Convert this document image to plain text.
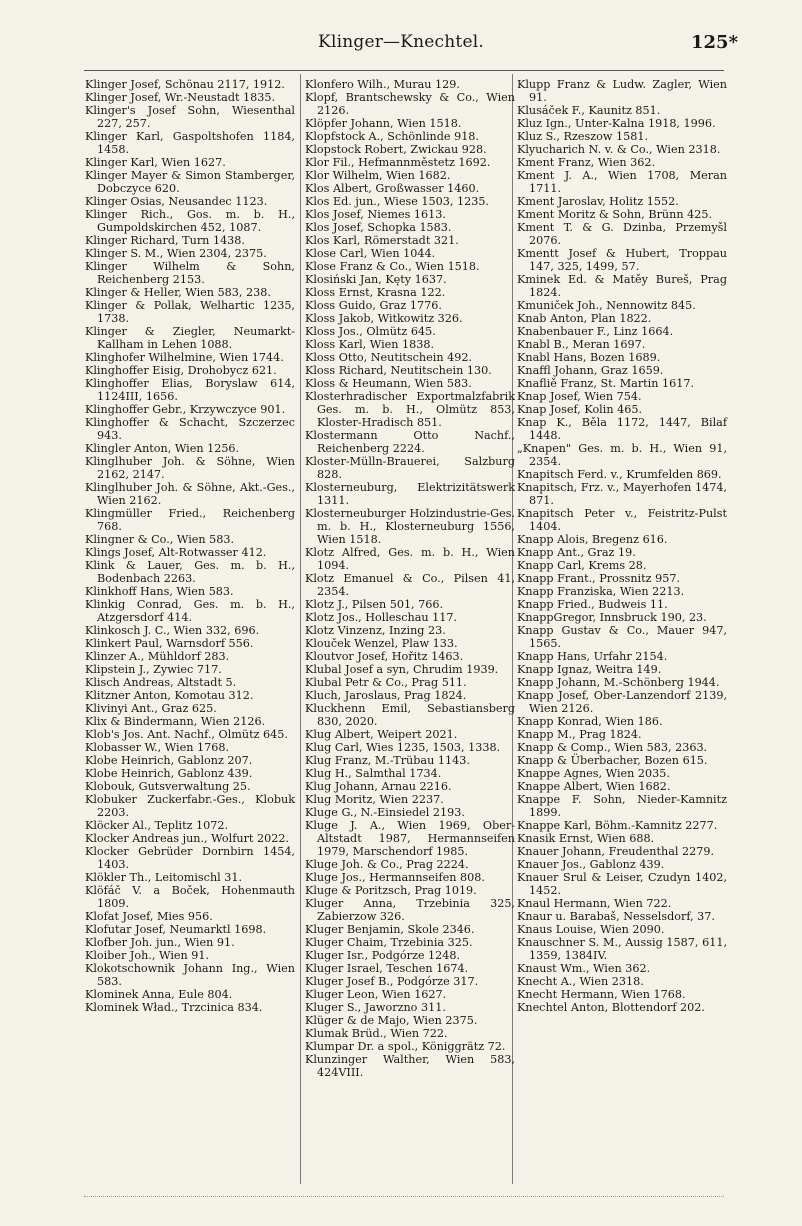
Klinger—Knechtel.	125*
Klinger Josef, Schönau 2117, 1912.
Klinger Josef, Wr.-Neustadt 1835.
Klinger's Josef Sohn, Wiesenthal 227, 257.
Klinger Karl, Gaspoltshofen 1184, 1458.
Klinger Karl, Wien 1627.
Klinger Mayer & Simon Stamberger, Dobczyce 620.
Klinger Osias, Neusandec 1123.
Klinger Rich., Gos. m. b. H., Gumpoldskirchen 452, 1087.
Klinger Richard, Turn 1438.
Klinger S. M., Wien 2304, 2375.
Klinger Wilhelm & Sohn, Reichenberg 2153.
Klinger & Heller, Wien 583, 238.
Klinger & Pollak, Welhartic 1235, 1738.
Klinger & Ziegler, Neumarkt-Kallham in Lehen 1088.
Klinghofer Wilhelmine, Wien 1744.
Klinghoffer Eisig, Drohobycz 621.
Klinghoffer Elias, Boryslaw 614, 1124III, 1656.
Klinghoffer Gebr., Krzywczyce 901.
Klinghoffer & Schacht, Szczerzec 943.
Klingler Anton, Wien 1256.
Klinglhuber Joh. & Söhne, Wien 2162, 2147.
Klinglhuber Joh. & Söhne, Akt.-Ges., Wien 2162.
Klingmüller Fried., Reichenberg 768.
Klingner & Co., Wien 583.
Klings Josef, Alt-Rotwasser 412.
Klink & Lauer, Ges. m. b. H., Bodenbach 2263.
Klinkhoff Hans, Wien 583.
Klinkig Conrad, Ges. m. b. H., Atzgersdorf 414.
Klinkosch J. C., Wien 332, 696.
Klinkert Paul, Warnsdorf 556.
Klinzer A., Mühldorf 283.
Klipstein J., Zywiec 717.
Klisch Andreas, Altstadt 5.
Klitzner Anton, Komotau 312.
Klivinyi Ant., Graz 625.
Klix & Bindermann, Wien 2126.
Klob's Jos. Ant. Nachf., Olmütz 645.
Klobasser W., Wien 1768.
Klobe Heinrich, Gablonz 207.
Klobe Heinrich, Gablonz 439.
Klobouk, Gutsverwaltung 25.
Klobuker Zuckerfabr.-Ges., Klobuk 2203.
Klöcker Al., Teplitz 1072.
Klocker Andreas jun., Wolfurt 2022.
Klocker Gebrüder Dornbirn 1454, 1403.
Klökler Th., Leitomischl 31.
Klöfáč V. a Boček, Hohenmauth 1809.
Klofat Josef, Mies 956.
Klofutar Josef, Neumarktl 1698.
Klofber Joh. jun., Wien 91.
Kloiber Joh., Wien 91.
Klokotschownik Johann Ing., Wien 583.
Klominek Anna, Eule 804.
Klominek Wład., Trzcinica 834.
Klonfero Wilh., Murau 129.
Klopf, Brantschewsky & Co., Wien 2126.
Klöpfer Johann, Wien 1518.
Klopfstock A., Schönlinde 918.
Klopstock Robert, Zwickau 928.
Klor Fil., Hefmannměstetz 1692.
Klor Wilhelm, Wien 1682.
Klos Albert, Großwasser 1460.
Klos Ed. jun., Wiese 1503, 1235.
Klos Josef, Niemes 1613.
Klos Josef, Schopka 1583.
Klos Karl, Römerstadt 321.
Klose Carl, Wien 1044.
Klose Franz & Co., Wien 1518.
Klosiński Jan, Kęty 1637.
Kloss Ernst, Krasna 122.
Kloss Guido, Graz 1776.
Kloss Jakob, Witkowitz 326.
Kloss Jos., Olmütz 645.
Kloss Karl, Wien 1838.
Kloss Otto, Neutitschein 492.
Kloss Richard, Neutitschein 130.
Kloss & Heumann, Wien 583.
Klosterhradischer Exportmalzfabrik Ges. m. b. H., Olmütz 853, Kloster-Hradisch 851.
Klostermann Otto Nachf., Reichenberg 2224.
Kloster-Mülln-Brauerei, Salzburg 828.
Klosterneuburg, Elektrizitätswerk 1311.
Klosterneuburger Holzindustrie-Ges. m. b. H., Klosterneuburg 1556, Wien 1518.
Klotz Alfred, Ges. m. b. H., Wien 1094.
Klotz Emanuel & Co., Pilsen 41, 2354.
Klotz J., Pilsen 501, 766.
Klotz Jos., Holleschau 117.
Klotz Vinzenz, Inzing 23.
Klouček Wenzel, Plaw 133.
Kloutvor Josef, Hořitz 1463.
Klubal Josef a syn, Chrudim 1939.
Klubal Petr & Co., Prag 511.
Kluch, Jaroslaus, Prag 1824.
Kluckhenn Emil, Sebastiansberg 830, 2020.
Klug Albert, Weipert 2021.
Klug Carl, Wies 1235, 1503, 1338.
Klug Franz, M.-Trübau 1143.
Klug H., Salmthal 1734.
Klug Johann, Arnau 2216.
Klug Moritz, Wien 2237.
Kluge G., N.-Einsiedel 2193.
Kluge J. A., Wien 1969, Ober-Altstadt 1987, Hermannseifen 1979, Marschendorf 1985.
Kluge Joh. & Co., Prag 2224.
Kluge Jos., Hermannseifen 808.
Kluge & Poritzsch, Prag 1019.
Kluger Anna, Trzebinia 325, Zabierzow 326.
Kluger Benjamin, Skole 2346.
Kluger Chaim, Trzebinia 325.
Kluger Isr., Podgórze 1248.
Kluger Israel, Teschen 1674.
Kluger Josef B., Podgórze 317.
Kluger Leon, Wien 1627.
Kluger S., Jaworzno 311.
Klüger & de Majo, Wien 2375.
Klumak Brüd., Wien 722.
Klumpar Dr. a spol., Königgrätz 72.
Klunzinger Walther, Wien 583, 424VIII.
Klupp Franz & Ludw. Zagler, Wien 91.
Klusáček F., Kaunitz 851.
Kluz Ign., Unter-Kalna 1918, 1996.
Kluz S., Rzeszow 1581.
Klyucharich N. v. & Co., Wien 2318.
Kment Franz, Wien 362.
Kment J. A., Wien 1708, Meran 1711.
Kment Jaroslav, Holitz 1552.
Kment Moritz & Sohn, Brünn 425.
Kment T. & G. Dzinba, Przemyšl 2076.
Kmentt Josef & Hubert, Troppau 147, 325, 1499, 57.
Kminek Ed. & Matěy Bureš, Prag 1824.
Kmuniček Joh., Nennowitz 845.
Knab Anton, Plan 1822.
Knabenbauer F., Linz 1664.
Knabl B., Meran 1697.
Knabl Hans, Bozen 1689.
Knaffl Johann, Graz 1659.
Knafliě Franz, St. Martin 1617.
Knap Josef, Wien 754.
Knap Josef, Kolin 465.
Knap K., Běla 1172, 1447, Bilaf 1448.
„Knapen" Ges. m. b. H., Wien 91, 2354.
Knapitsch Ferd. v., Krumfelden 869.
Knapitsch, Frz. v., Mayerhofen 1474, 871.
Knapitsch Peter v., Feistritz-Pulst 1404.
Knapp Alois, Bregenz 616.
Knapp Ant., Graz 19.
Knapp Carl, Krems 28.
Knapp Frant., Prossnitz 957.
Knapp Franziska, Wien 2213.
Knapp Fried., Budweis 11.
KnappGregor, Innsbruck 190, 23.
Knapp Gustav & Co., Mauer 947, 1565.
Knapp Hans, Urfahr 2154.
Knapp Ignaz, Weitra 149.
Knapp Johann, M.-Schönberg 1944.
Knapp Josef, Ober-Lanzendorf 2139, Wien 2126.
Knapp Konrad, Wien 186.
Knapp M., Prag 1824.
Knapp & Comp., Wien 583, 2363.
Knapp & Überbacher, Bozen 615.
Knappe Agnes, Wien 2035.
Knappe Albert, Wien 1682.
Knappe F. Sohn, Nieder-Kamnitz 1899.
Knappe Karl, Böhm.-Kamnitz 2277.
Knasik Ernst, Wien 688.
Knauer Johann, Freudenthal 2279.
Knauer Jos., Gablonz 439.
Knauer Srul & Leiser, Czudyn 1402, 1452.
Knaul Hermann, Wien 722.
Knaur u. Barabaš, Nesselsdorf, 37.
Knaus Louise, Wien 2090.
Knauschner S. M., Aussig 1587, 611, 1359, 1384IV.
Knaust Wm., Wien 362.
Knecht A., Wien 2318.
Knecht Hermann, Wien 1768.
Knechtel Anton, Blottendorf 202.
